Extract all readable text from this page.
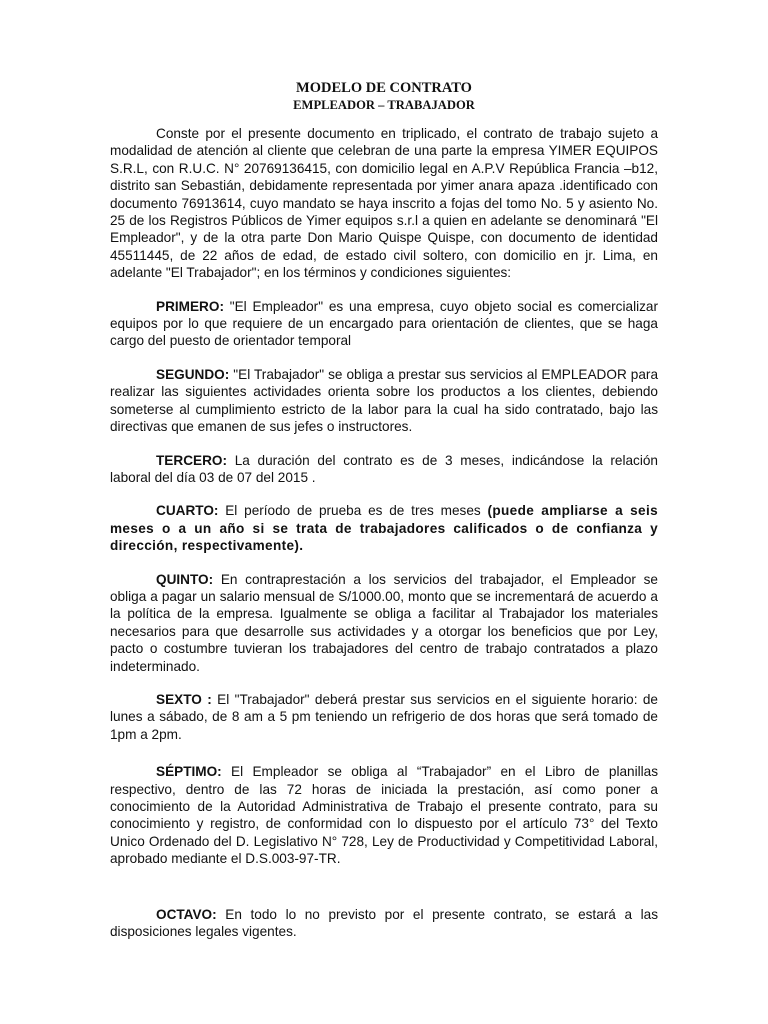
MODELO DE CONTRATO

EMPLEADOR – TRABAJADOR

Conste por el presente documento en triplicado, el contrato de trabajo sujeto a modalidad de atención al cliente que celebran de una parte la empresa YIMER EQUIPOS S.R.L, con R.U.C. N° 20769136415, con domicilio legal en A.P.V República Francia –b12, distrito san Sebastián, debidamente representada por yimer anara apaza .identificado con documento 76913614, cuyo mandato se haya inscrito a fojas del tomo No. 5 y asiento No. 25 de los Registros Públicos de Yimer equipos s.r.l a quien en adelante se denominará "El Empleador", y de la otra parte Don Mario Quispe Quispe, con documento de identidad 45511445, de 22 años de edad, de estado civil soltero, con domicilio en jr. Lima, en adelante "El Trabajador"; en los términos y condiciones siguientes:

PRIMERO: "El Empleador" es una empresa, cuyo objeto social es comercializar equipos por lo que requiere de un encargado para orientación de clientes, que se haga cargo del puesto de orientador temporal

SEGUNDO: "El Trabajador" se obliga a prestar sus servicios al EMPLEADOR para realizar las siguientes actividades orienta sobre los productos a los clientes, debiendo someterse al cumplimiento estricto de la labor para la cual ha sido contratado, bajo las directivas que emanen de sus jefes o instructores.

TERCERO: La duración del contrato es de 3 meses, indicándose la relación laboral del día 03 de 07 del 2015 .

CUARTO: El período de prueba es de tres meses (puede ampliarse a seis meses o a un año si se trata de trabajadores calificados o de confianza y dirección, respectivamente).

QUINTO: En contraprestación a los servicios del trabajador, el Empleador se obliga a pagar un salario mensual de S/1000.00, monto que se incrementará de acuerdo a la política de la empresa. Igualmente se obliga a facilitar al Trabajador los materiales necesarios para que desarrolle sus actividades y a otorgar los beneficios que por Ley, pacto o costumbre tuvieran los trabajadores del centro de trabajo contratados a plazo indeterminado.

SEXTO : El "Trabajador" deberá prestar sus servicios en el siguiente horario: de lunes a sábado, de 8 am a 5 pm teniendo un refrigerio de dos horas que será tomado de 1pm a 2pm.

SÉPTIMO: El Empleador se obliga al “Trabajador” en el Libro de planillas respectivo, dentro de las 72 horas de iniciada la prestación, así como poner a conocimiento de la Autoridad Administrativa de Trabajo el presente contrato, para su conocimiento y registro, de conformidad con lo dispuesto por el artículo 73° del Texto Unico Ordenado del D. Legislativo N° 728, Ley de Productividad y Competitividad Laboral, aprobado mediante el D.S.003-97-TR.

OCTAVO: En todo lo no previsto por el presente contrato, se estará a las disposiciones legales vigentes.
